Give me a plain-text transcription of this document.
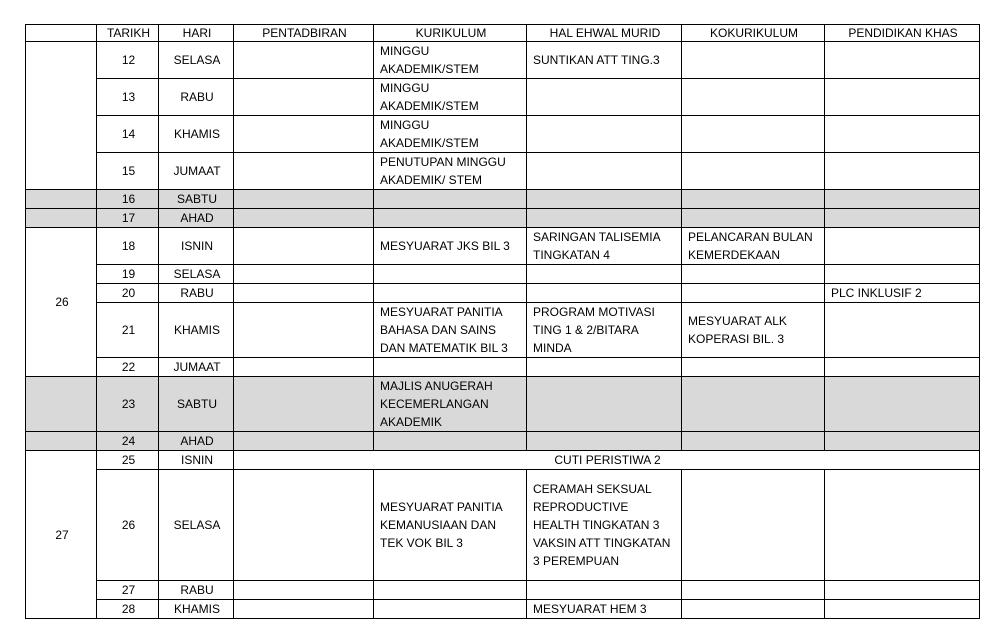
	TARIKH	HARI	PENTADBIRAN	KURIKULUM	HAL EHWAL MURID	KOKURIKULUM	PENDIDIKAN KHAS
	12	SELASA		MINGGU AKADEMIK/STEM	SUNTIKAN ATT TING.3		
	13	RABU		MINGGU AKADEMIK/STEM			
	14	KHAMIS		MINGGU AKADEMIK/STEM			
	15	JUMAAT		PENUTUPAN MINGGU AKADEMIK/ STEM			
	16	SABTU					
	17	AHAD					
26	18	ISNIN		MESYUARAT JKS BIL 3	SARINGAN TALISEMIA TINGKATAN 4	PELANCARAN BULAN KEMERDEKAAN	
	19	SELASA					
	20	RABU					PLC INKLUSIF 2
	21	KHAMIS		MESYUARAT PANITIA BAHASA DAN SAINS DAN MATEMATIK BIL 3	PROGRAM MOTIVASI TING 1 & 2/BITARA MINDA	MESYUARAT ALK KOPERASI BIL. 3	
	22	JUMAAT					
	23	SABTU		MAJLIS ANUGERAH KECEMERLANGAN AKADEMIK			
	24	AHAD					
27	25	ISNIN	CUTI PERISTIWA 2				
	26	SELASA		MESYUARAT PANITIA KEMANUSIAAN DAN TEK VOK BIL 3	CERAMAH SEKSUAL REPRODUCTIVE HEALTH TINGKATAN 3 VAKSIN ATT TINGKATAN 3 PEREMPUAN		
	27	RABU					
	28	KHAMIS			MESYUARAT HEM 3		
